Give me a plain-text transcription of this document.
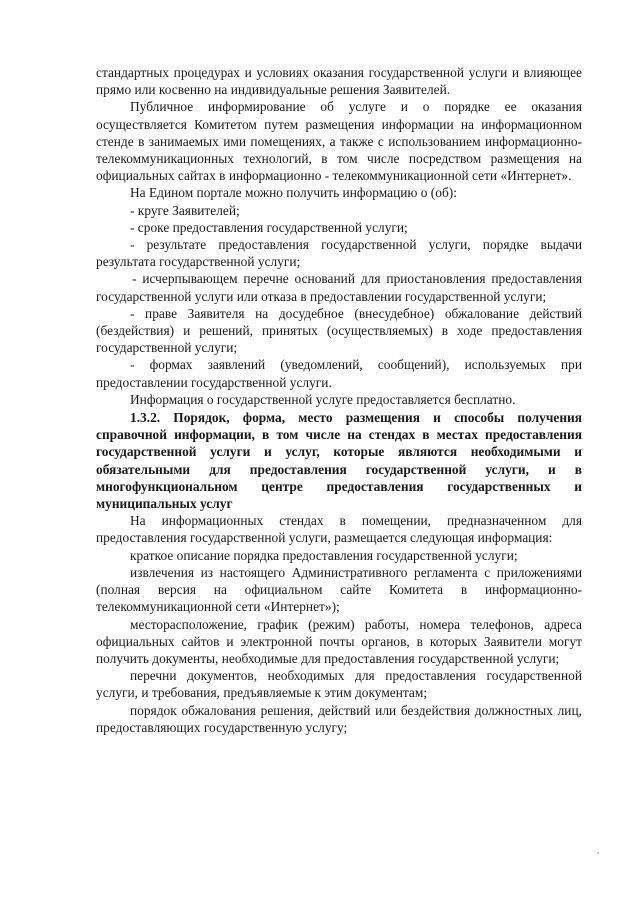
стандартных процедурах и условиях оказания государственной услуги и влияющее прямо или косвенно на индивидуальные решения Заявителей.

Публичное информирование об услуге и о порядке ее оказания осуществляется Комитетом путем размещения информации на информационном стенде в занимаемых ими помещениях, а также с использованием информационно-телекоммуникационных технологий, в том числе посредством размещения на официальных сайтах в информационно - телекоммуникационной сети «Интернет».

На Едином портале можно получить информацию о (об):

- круге Заявителей;

- сроке предоставления государственной услуги;

- результате предоставления государственной услуги, порядке выдачи результата государственной услуги;

- исчерпывающем перечне оснований для приостановления предоставления государственной услуги или отказа в предоставлении государственной услуги;

- праве Заявителя на досудебное (внесудебное) обжалование действий (бездействия) и решений, принятых (осуществляемых) в ходе предоставления государственной услуги;

- формах заявлений (уведомлений, сообщений), используемых при предоставлении государственной услуги.

Информация о государственной услуге предоставляется бесплатно.

1.3.2. Порядок, форма, место размещения и способы получения справочной информации, в том числе на стендах в местах предоставления государственной услуги и услуг, которые являются необходимыми и обязательными для предоставления государственной услуги, и в многофункциональном центре предоставления государственных и муниципальных услуг

На информационных стендах в помещении, предназначенном для предоставления государственной услуги, размещается следующая информация:

краткое описание порядка предоставления государственной услуги;

извлечения из настоящего Административного регламента с приложениями (полная версия на официальном сайте Комитета в информационно-телекоммуникационной сети «Интернет»);

месторасположение, график (режим) работы, номера телефонов, адреса официальных сайтов и электронной почты органов, в которых Заявители могут получить документы, необходимые для предоставления государственной услуги;

перечни документов, необходимых для предоставления государственной услуги, и требования, предъявляемые к этим документам;

порядок обжалования решения, действий или бездействия должностных лиц, предоставляющих государственную услугу;
